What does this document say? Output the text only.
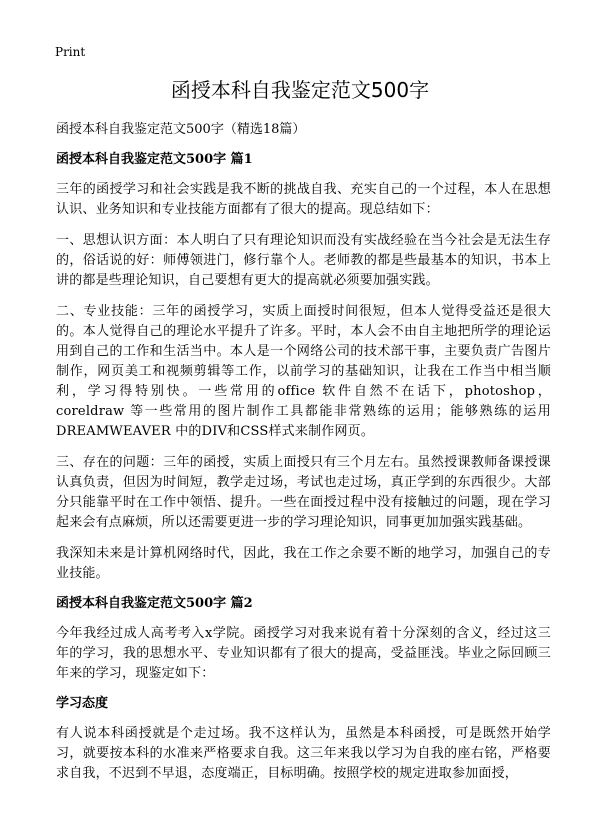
Print
函授本科自我鉴定范文500字

函授本科自我鉴定范文500字（精选18篇）

函授本科自我鉴定范文500字 篇1

三年的函授学习和社会实践是我不断的挑战自我、充实自己的一个过程，本人在思想认识、业务知识和专业技能方面都有了很大的提高。现总结如下：

一、思想认识方面：本人明白了只有理论知识而没有实战经验在当今社会是无法生存的，俗话说的好：师傅领进门，修行靠个人。老师教的都是些最基本的知识，书本上讲的都是些理论知识，自己要想有更大的提高就必须要加强实践。

二、专业技能：三年的函授学习，实质上面授时间很短，但本人觉得受益还是很大的。本人觉得自己的理论水平提升了许多。平时，本人会不由自主地把所学的理论运用到自己的工作和生活当中。本人是一个网络公司的技术部干事，主要负责广告图片制作，网页美工和视频剪辑等工作，以前学习的基础知识，让我在工作当中相当顺利，学习得特别快。一些常用的office 软件自然不在话下，photoshop，coreldraw 等一些常用的图片制作工具都能非常熟练的运用；能够熟练的运用DREAMWEAVER 中的DIV和CSS样式来制作网页。

三、存在的问题：三年的函授，实质上面授只有三个月左右。虽然授课教师备课授课认真负责，但因为时间短，教学走过场，考试也走过场，真正学到的东西很少。大部分只能靠平时在工作中领悟、提升。一些在面授过程中没有接触过的问题，现在学习起来会有点麻烦，所以还需要更进一步的学习理论知识，同事更加加强实践基础。

我深知未来是计算机网络时代，因此，我在工作之余要不断的地学习，加强自己的专业技能。

函授本科自我鉴定范文500字 篇2

今年我经过成人高考考入x学院。函授学习对我来说有着十分深刻的含义，经过这三年的学习，我的思想水平、专业知识都有了很大的提高，受益匪浅。毕业之际回顾三年来的学习，现鉴定如下：

学习态度

有人说本科函授就是个走过场。我不这样认为，虽然是本科函授，可是既然开始学习，就要按本科的水准来严格要求自我。这三年来我以学习为自我的座右铭，严格要求自我，不迟到不早退，态度端正，目标明确。按照学校的规定进取参加面授，
